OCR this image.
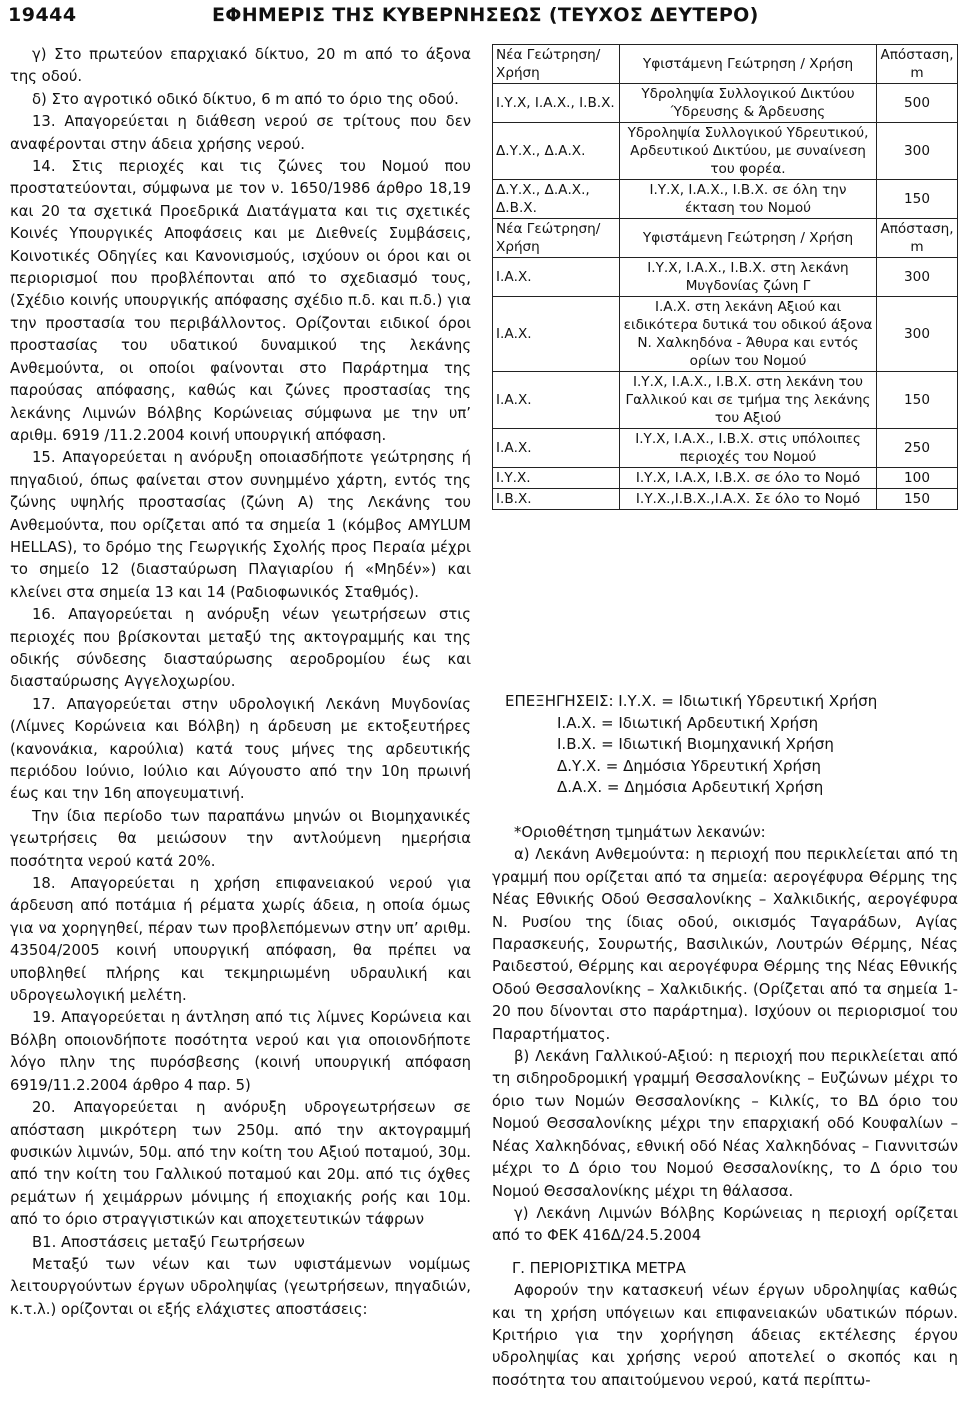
19444	ΕΦΗΜΕΡΙΣ ΤΗΣ ΚΥΒΕΡΝΗΣΕΩΣ (ΤΕΥΧΟΣ ΔΕΥΤΕΡΟ)

γ) Στο πρωτεύον επαρχιακό δίκτυο, 20 m από το άξονα της οδού.

δ) Στο αγροτικό οδικό δίκτυο, 6 m από το όριο της οδού.

13. Απαγορεύεται η διάθεση νερού σε τρίτους που δεν αναφέρονται στην άδεια χρήσης νερού.

14. Στις περιοχές και τις ζώνες του Νομού που προστατεύονται, σύμφωνα με τον ν. 1650/1986 άρθρο 18,19 και 20 τα σχετικά Προεδρικά Διατάγματα και τις σχετικές Κοινές Υπουργικές Αποφάσεις και με Διεθνείς Συμβάσεις, Κοινοτικές Οδηγίες και Κανονισμούς, ισχύουν οι όροι και οι περιορισμοί που προβλέπονται από το σχεδιασμό τους, (Σχέδιο κοινής υπουργικής απόφασης σχέδιο π.δ. και π.δ.) για την προστασία του περιβάλλοντος. Ορίζονται ειδικοί όροι προστασίας του υδατικού δυναμικού της λεκάνης Ανθεμούντα, οι οποίοι φαίνονται στο Παράρτημα της παρούσας απόφασης, καθώς και ζώνες προστασίας της λεκάνης Λιμνών Βόλβης Κορώνειας σύμφωνα με την υπ’ αριθμ. 6919 /11.2.2004 κοινή υπουργική απόφαση.

15. Απαγορεύεται η ανόρυξη οποιασδήποτε γεώτρησης ή πηγαδιού, όπως φαίνεται στον συνημμένο χάρτη, εντός της ζώνης υψηλής προστασίας (ζώνη Α) της Λεκάνης του Ανθεμούντα, που ορίζεται από τα σημεία 1 (κόμβος AMYLUM HELLAS), το δρόμο της Γεωργικής Σχολής προς Περαία μέχρι το σημείο 12 (διασταύρωση Πλαγιαρίου ή «Μηδέν») και κλείνει στα σημεία 13 και 14 (Ραδιοφωνικός Σταθμός).

16. Απαγορεύεται η ανόρυξη νέων γεωτρήσεων στις περιοχές που βρίσκονται μεταξύ της ακτογραμμής και της οδικής σύνδεσης διασταύρωσης αεροδρομίου έως και διασταύρωσης Αγγελοχωρίου.

17. Απαγορεύεται στην υδρολογική Λεκάνη Μυγδονίας (Λίμνες Κορώνεια και Βόλβη) η άρδευση με εκτοξευτήρες (κανονάκια, καρούλια) κατά τους μήνες της αρδευτικής περιόδου Ιούνιο, Ιούλιο και Αύγουστο από την 10η πρωινή έως και την 16η απογευματινή.

Την ίδια περίοδο των παραπάνω μηνών οι Βιομηχανικές γεωτρήσεις θα μειώσουν την αντλούμενη ημερήσια ποσότητα νερού κατά 20%.

18. Απαγορεύεται η χρήση επιφανειακού νερού για άρδευση από ποτάμια ή ρέματα χωρίς άδεια, η οποία όμως για να χορηγηθεί, πέραν των προβλεπόμενων στην υπ’ αριθμ. 43504/2005 κοινή υπουργική απόφαση, θα πρέπει να υποβληθεί πλήρης και τεκμηριωμένη υδραυλική και υδρογεωλογική μελέτη.

19. Απαγορεύεται η άντληση από τις λίμνες Κορώνεια και Βόλβη οποιονδήποτε ποσότητα νερού και για οποιονδήποτε λόγο πλην της πυρόσβεσης (κοινή υπουργική απόφαση 6919/11.2.2004 άρθρο 4 παρ. 5)

20. Απαγορεύεται η ανόρυξη υδρογεωτρήσεων σε απόσταση μικρότερη των 250μ. από την ακτογραμμή φυσικών λιμνών, 50μ. από την κοίτη του Αξιού ποταμού, 30μ. από την κοίτη του Γαλλικού ποταμού και 20μ. από τις όχθες ρεμάτων ή χειμάρρων μόνιμης ή εποχιακής ροής και 10μ. από το όριο στραγγιστικών και αποχετευτικών τάφρων

Β1. Αποστάσεις μεταξύ Γεωτρήσεων

Μεταξύ των νέων και των υφιστάμενων νομίμως λειτουργούντων έργων υδροληψίας (γεωτρήσεων, πηγαδιών, κ.τ.λ.) ορίζονται οι εξής ελάχιστες αποστάσεις:

Νέα Γεώτρηση/ Χρήση	Υφιστάμενη Γεώτρηση / Χρήση	Απόσταση, m
Ι.Υ.Χ, Ι.Α.Χ., Ι.Β.Χ.	Υδροληψία Συλλογικού Δικτύου Ύδρευσης & Άρδευσης	500
Δ.Υ.Χ., Δ.Α.Χ.	Υδροληψία Συλλογικού Υδρευτικού, Αρδευτικού Δικτύου, με συναίνεση του φορέα.	300
Δ.Υ.Χ., Δ.Α.Χ., Δ.Β.Χ.	Ι.Υ.Χ, Ι.Α.Χ., Ι.Β.Χ. σε όλη την έκταση του Νομού	150
Νέα Γεώτρηση/ Χρήση	Υφιστάμενη Γεώτρηση / Χρήση	Απόσταση, m
Ι.Α.Χ.	Ι.Υ.Χ, Ι.Α.Χ., Ι.Β.Χ. στη λεκάνη Μυγδονίας ζώνη Γ	300
Ι.Α.Χ.	Ι.Α.Χ. στη λεκάνη Αξιού και ειδικότερα δυτικά του οδικού άξονα Ν. Χαλκηδόνα - Άθυρα και εντός ορίων του Νομού	300
Ι.Α.Χ.	Ι.Υ.Χ, Ι.Α.Χ., Ι.Β.Χ. στη λεκάνη του Γαλλικού και σε τμήμα της λεκάνης του Αξιού	150
Ι.Α.Χ.	Ι.Υ.Χ, Ι.Α.Χ., Ι.Β.Χ. στις υπόλοιπες περιοχές του Νομού	250
Ι.Υ.Χ.	Ι.Υ.Χ, Ι.Α.Χ, Ι.Β.Χ. σε όλο το Νομό	100
Ι.Β.Χ.	Ι.Υ.Χ.,Ι.Β.Χ.,Ι.Α.Χ. Σε όλο το Νομό	150
ΕΠΕΞΗΓΗΣΕΙΣ: Ι.Υ.Χ. = Ιδιωτική Υδρευτική Χρήση
Ι.Α.Χ. = Ιδιωτική Αρδευτική Χρήση
Ι.Β.Χ. = Ιδιωτική Βιομηχανική Χρήση
Δ.Υ.Χ. = Δημόσια Υδρευτική Χρήση
Δ.Α.Χ. = Δημόσια Αρδευτική Χρήση

*Οριοθέτηση τμημάτων λεκανών:

α) Λεκάνη Ανθεμούντα: η περιοχή που περικλείεται από τη γραμμή που ορίζεται από τα σημεία: αερογέφυρα Θέρμης της Νέας Εθνικής Οδού Θεσσαλονίκης – Χαλκιδικής, αερογέφυρα Ν. Ρυσίου της ίδιας οδού, οικισμός Ταγαράδων, Αγίας Παρασκευής, Σουρωτής, Βασιλικών, Λουτρών Θέρμης, Νέας Ραιδεστού, Θέρμης και αερογέφυρα Θέρμης της Νέας Εθνικής Οδού Θεσσαλονίκης – Χαλκιδικής. (Ορίζεται από τα σημεία 1-20 που δίνονται στο παράρτημα). Ισχύουν οι περιορισμοί του Παραρτήματος.

β) Λεκάνη Γαλλικού-Αξιού: η περιοχή που περικλείεται από τη σιδηροδρομική γραμμή Θεσσαλονίκης – Ευζώνων μέχρι το όριο των Νομών Θεσσαλονίκης – Κιλκίς, το ΒΔ όριο του Νομού Θεσσαλονίκης μέχρι την επαρχιακή οδό Κουφαλίων – Νέας Χαλκηδόνας, εθνική οδό Νέας Χαλκηδόνας – Γιαννιτσών μέχρι το Δ όριο του Νομού Θεσσαλονίκης, το Δ όριο του Νομού Θεσσαλονίκης μέχρι τη θάλασσα.

γ) Λεκάνη Λιμνών Βόλβης Κορώνειας η περιοχή ορίζεται από το ΦΕΚ 416Δ/24.5.2004

Γ. ΠΕΡΙΟΡΙΣΤΙΚΑ ΜΕΤΡΑ

Αφορούν την κατασκευή νέων έργων υδροληψίας καθώς και τη χρήση υπόγειων και επιφανειακών υδατικών πόρων. Κριτήριο για την χορήγηση άδειας εκτέλεσης έργου υδροληψίας και χρήσης νερού αποτελεί ο σκοπός και η ποσότητα του απαιτούμενου νερού, κατά περίπτω-
